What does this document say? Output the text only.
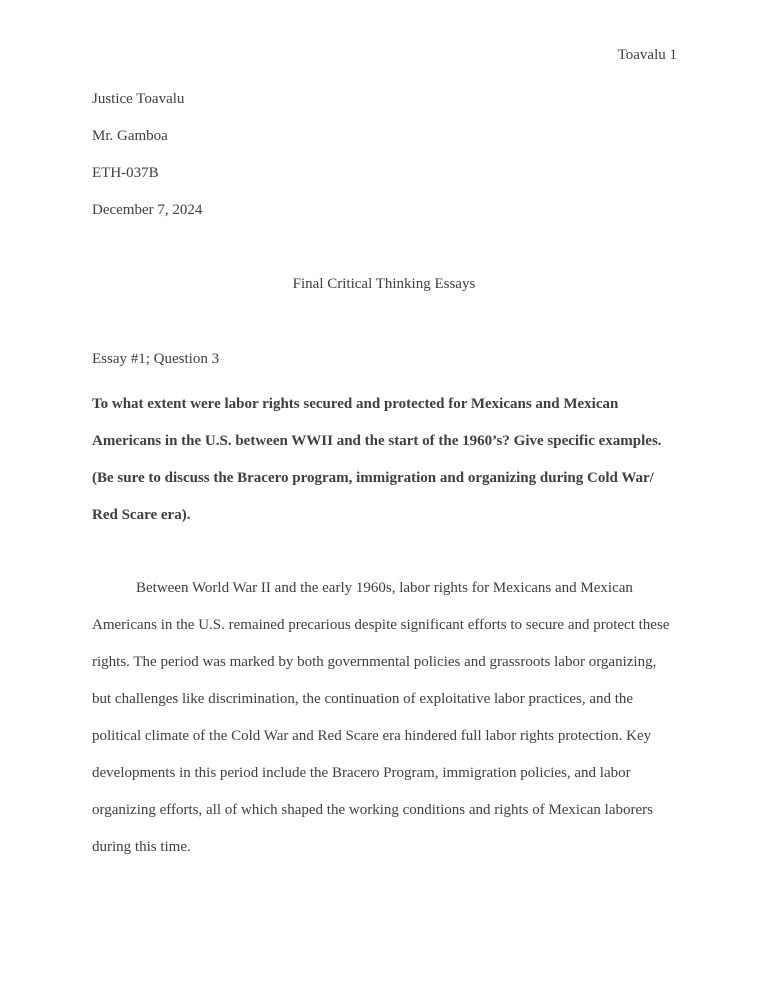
Toavalu 1
Justice Toavalu
Mr. Gamboa
ETH-037B
December 7, 2024
Final Critical Thinking Essays
Essay #1; Question 3
To what extent were labor rights secured and protected for Mexicans and Mexican
Americans in the U.S. between WWII and the start of the 1960’s? Give specific examples.
(Be sure to discuss the Bracero program, immigration and organizing during Cold War/
Red Scare era).
Between World War II and the early 1960s, labor rights for Mexicans and Mexican
Americans in the U.S. remained precarious despite significant efforts to secure and protect these
rights. The period was marked by both governmental policies and grassroots labor organizing,
but challenges like discrimination, the continuation of exploitative labor practices, and the
political climate of the Cold War and Red Scare era hindered full labor rights protection. Key
developments in this period include the Bracero Program, immigration policies, and labor
organizing efforts, all of which shaped the working conditions and rights of Mexican laborers
during this time.
